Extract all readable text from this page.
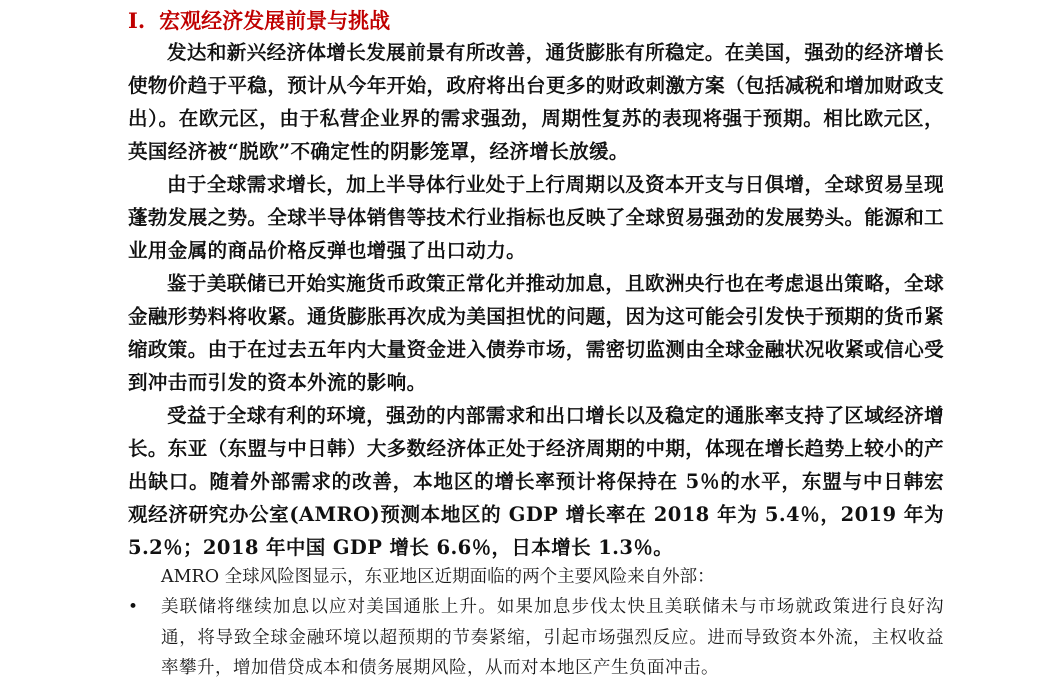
I. 宏观经济发展前景与挑战

发达和新兴经济体增长发展前景有所改善，通货膨胀有所稳定。在美国，强劲的经济增长使物价趋于平稳，预计从今年开始，政府将出台更多的财政刺激方案（包括减税和增加财政支出）。在欧元区，由于私营企业界的需求强劲，周期性复苏的表现将强于预期。相比欧元区，英国经济被“脱欧”不确定性的阴影笼罩，经济增长放缓。

由于全球需求增长，加上半导体行业处于上行周期以及资本开支与日俱增，全球贸易呈现蓬勃发展之势。全球半导体销售等技术行业指标也反映了全球贸易强劲的发展势头。能源和工业用金属的商品价格反弹也增强了出口动力。

鉴于美联储已开始实施货币政策正常化并推动加息，且欧洲央行也在考虑退出策略，全球金融形势料将收紧。通货膨胀再次成为美国担忧的问题，因为这可能会引发快于预期的货币紧缩政策。由于在过去五年内大量资金进入债券市场，需密切监测由全球金融状况收紧或信心受到冲击而引发的资本外流的影响。

受益于全球有利的环境，强劲的内部需求和出口增长以及稳定的通胀率支持了区域经济增长。东亚（东盟与中日韩）大多数经济体正处于经济周期的中期，体现在增长趋势上较小的产出缺口。随着外部需求的改善，本地区的增长率预计将保持在 5％的水平，东盟与中日韩宏观经济研究办公室(AMRO)预测本地区的 GDP 增长率在 2018 年为 5.4％，2019 年为 5.2％；2018 年中国 GDP 增长 6.6％，日本增长 1.3％。

AMRO 全球风险图显示，东亚地区近期面临的两个主要风险来自外部：

• 美联储将继续加息以应对美国通胀上升。如果加息步伐太快且美联储未与市场就政策进行良好沟通，将导致全球金融环境以超预期的节奏紧缩，引起市场强烈反应。进而导致资本外流，主权收益率攀升，增加借贷成本和债务展期风险，从而对本地区产生负面冲击。
